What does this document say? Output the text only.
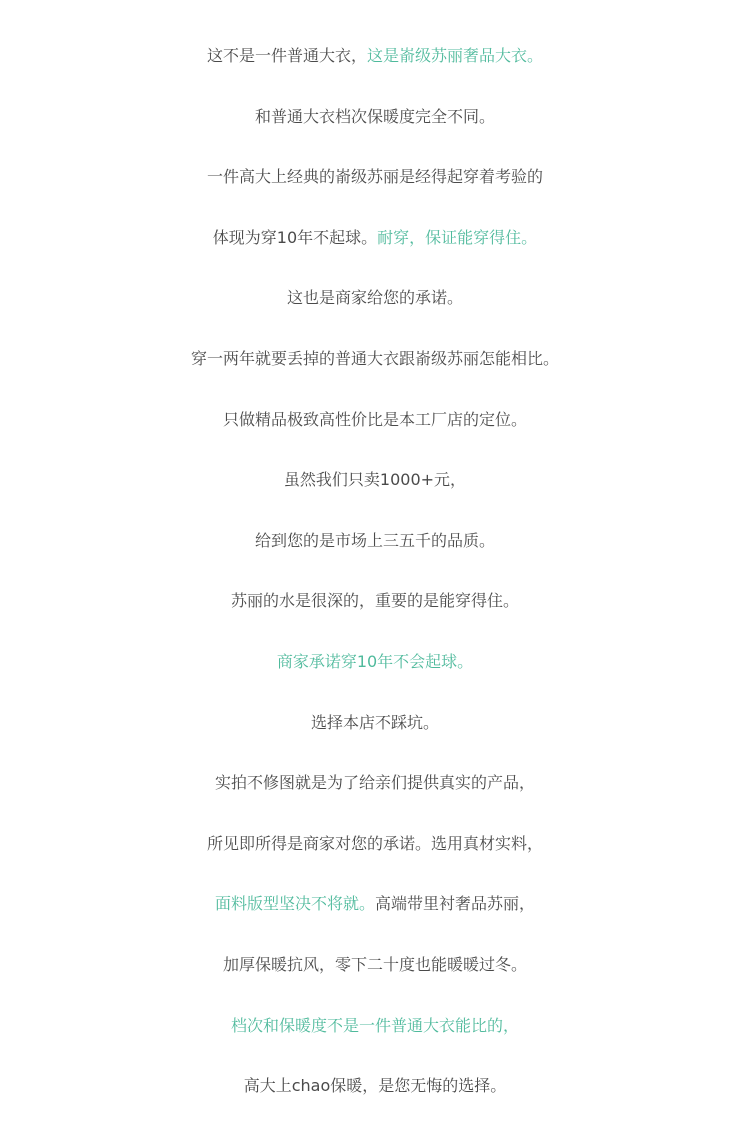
这不是一件普通大衣，这是嵛级苏丽奢品大衣。
和普通大衣档次保暖度完全不同。
一件高大上经典的嵛级苏丽是经得起穿着考验的
体现为穿10年不起球。耐穿，保证能穿得住。
这也是商家给您的承诺。
穿一两年就要丢掉的普通大衣跟嵛级苏丽怎能相比。
只做精品极致高性价比是本工厂店的定位。
虽然我们只卖1000+元，
给到您的是市场上三五千的品质。
苏丽的水是很深的，重要的是能穿得住。
商家承诺穿10年不会起球。
选择本店不踩坑。
实拍不修图就是为了给亲们提供真实的产品，
所见即所得是商家对您的承诺。选用真材实料，
面料版型坚决不将就。高端带里衬奢品苏丽，
加厚保暖抗风，零下二十度也能暖暖过冬。
档次和保暖度不是一件普通大衣能比的，
高大上chao保暖，是您无悔的选择。
